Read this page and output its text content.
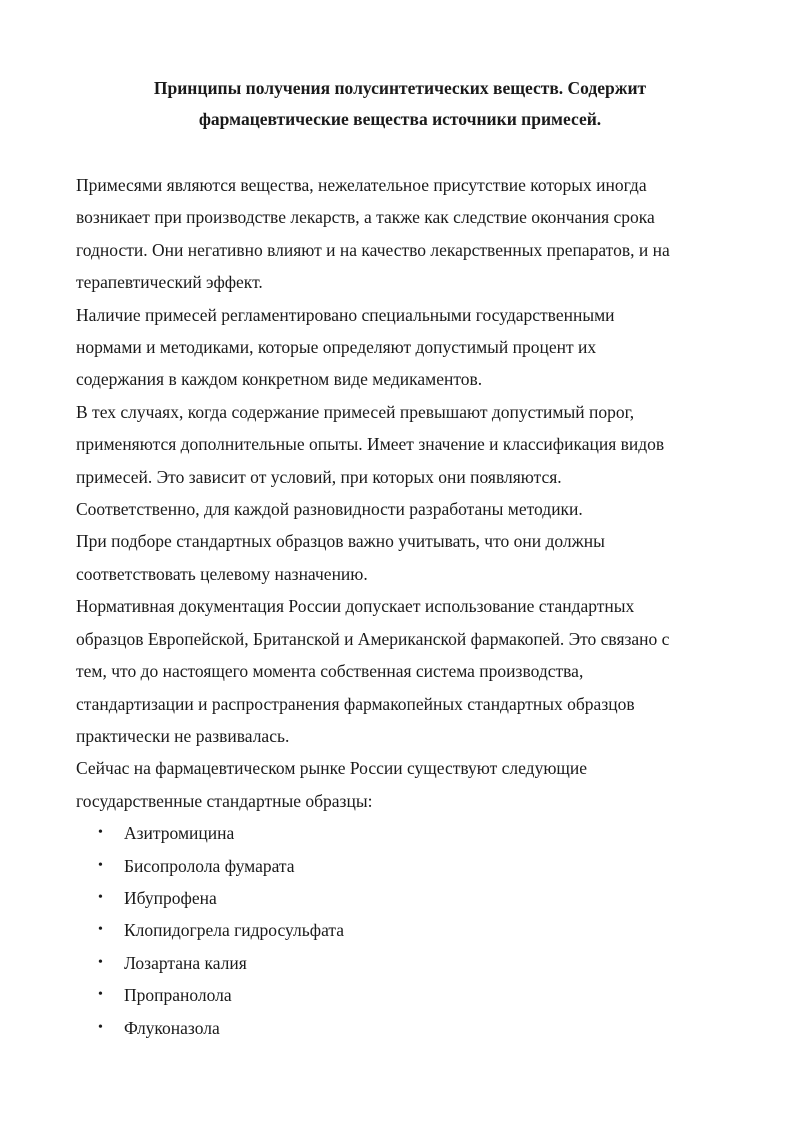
Принципы получения полусинтетических веществ. Содержит
фармацевтические вещества источники примесей.
Примесями являются вещества, нежелательное присутствие которых иногда
возникает при производстве лекарств, а также как следствие окончания срока
годности. Они негативно влияют и на качество лекарственных препаратов, и на
терапевтический эффект.
Наличие примесей регламентировано специальными государственными
нормами и методиками, которые определяют допустимый процент их
содержания в каждом конкретном виде медикаментов.
В тех случаях, когда содержание примесей превышают допустимый порог,
применяются дополнительные опыты. Имеет значение и классификация видов
примесей. Это зависит от условий, при которых они появляются.
Соответственно, для каждой разновидности разработаны методики.
При подборе стандартных образцов важно учитывать, что они должны
соответствовать целевому назначению.
Нормативная документация России допускает использование стандартных
образцов Европейской, Британской и Американской фармакопей. Это связано с
тем, что до настоящего момента собственная система производства,
стандартизации и распространения фармакопейных стандартных образцов
практически не развивалась.
Сейчас на фармацевтическом рынке России существуют следующие
государственные стандартные образцы:
• Азитромицина
• Бисопролола фумарата
• Ибупрофена
• Клопидогрела гидросульфата
• Лозартана калия
• Пропранолола
• Флуконазола
